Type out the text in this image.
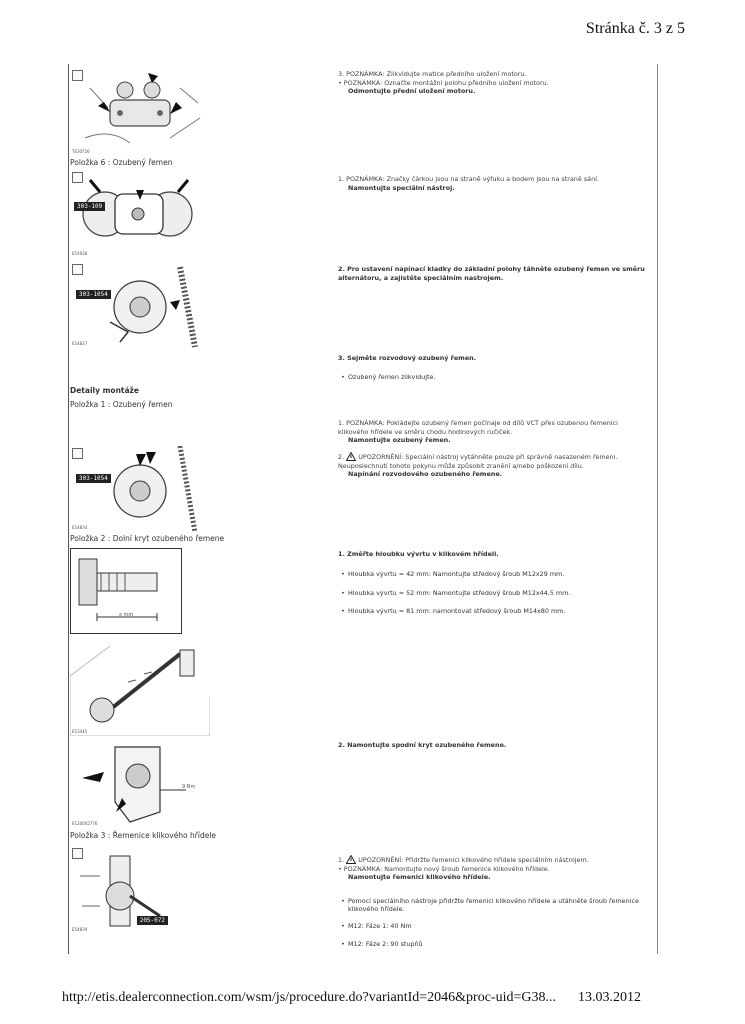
Stránka č. 3 z 5
TE30726
Položka 6 : Ozubený řemen
303-109
E54938
303-1054
E54837
Detaily montáže
Položka 1 : Ozubený řemen
303-1054
E54834
Položka 2 : Dolní kryt ozubeného řemene
x mm
E53445
9 Nm
E120005776
Položka 3 : Řemenice klikového hřídele
205-072
E54839
3. POZNÁMKA: Zlikvidujte matice předního uložení motoru.
• POZNÁMKA: Označte montážní polohu předního uložení motoru.
Odmontujte přední uložení motoru.
1. POZNÁMKA: Značky čárkou jsou na straně výfuku a bodem jsou na straně sání.
Namontujte speciální nástroj.
2. Pro ustavení napínací kladky do základní polohy táhněte ozubený řemen ve směru alternátoru, a zajistěte speciálním nastrojem.
3. Sejměte rozvodový ozubený řemen.
• Ozubený řemen zlikvidujte.
1. POZNÁMKA: Pokládejte ozubený řemen počínaje od dílů VCT přes ozubenou řemenici klikového hřídele ve směru chodu hodinových ručiček.
Namontujte ozubený řemen.
2. UPOZORNĚNÍ: Speciální nástroj vytáhněte pouze při správně nasazeném řemeni. Neuposlechnutí tohoto pokynu může způsobit zranění a/nebo poškození dílu.
Napínání rozvodového ozubeného řemene.
1. Změřte hloubku vývrtu v klikovém hřídeli.
• Hloubka vývrtu = 42 mm: Namontujte středový šroub M12x29 mm.
• Hloubka vývrtu = 52 mm: Namontujte středový šroub M12x44,5 mm.
• Hloubka vývrtu = 81 mm: namontovat středový šroub M14x80 mm.
2. Namontujte spodní kryt ozubeného řemene.
1. UPOZORNĚNÍ: Přidržte řemenici klikového hřídele speciálním nástrojem.
• POZNÁMKA: Namontujte nový šroub řemenice klikového hřídele.
Namontujte řemenici klikového hřídele.
• Pomocí speciálního nástroje přidržte řemenici klikového hřídele a utáhněte šroub řemenice klikového hřídele.
• M12: Fáze 1: 40 Nm
• M12: Fáze 2: 90 stupňů
http://etis.dealerconnection.com/wsm/js/procedure.do?variantId=2046&proc-uid=G38... 13.03.2012
